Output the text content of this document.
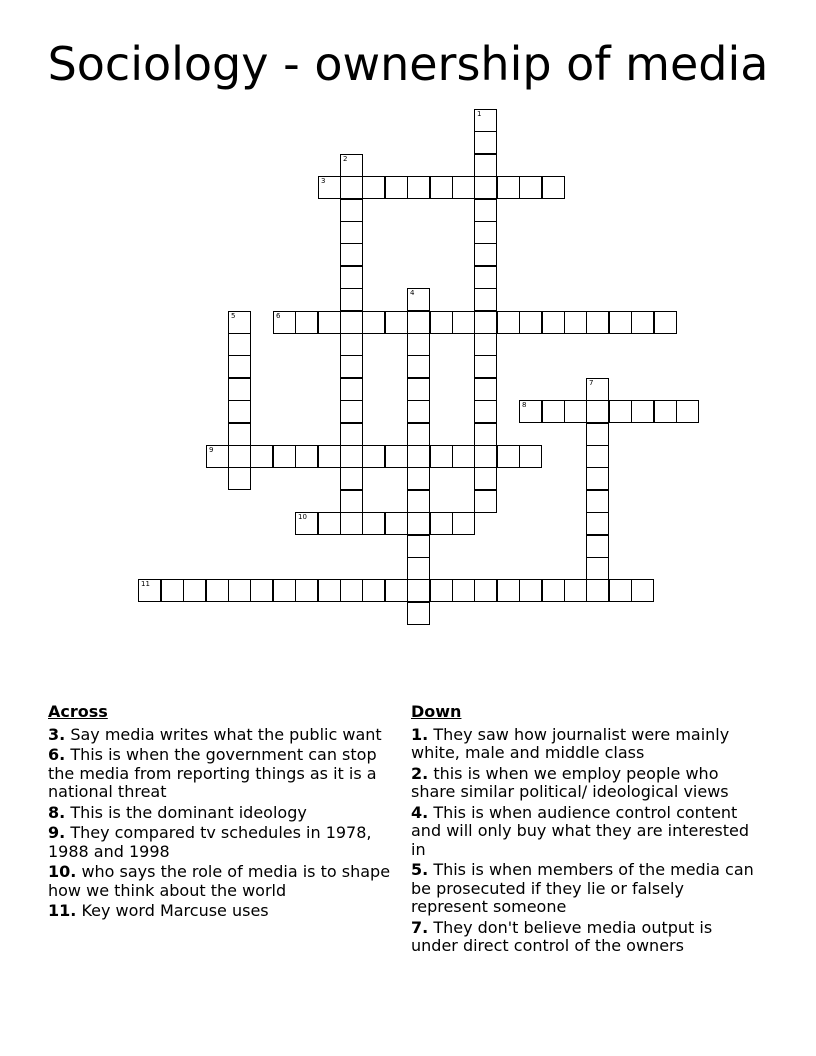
Sociology - ownership of media
1
2
3
4
5	6
7
8
9
10
11
Across
3. Say media writes what the public want
6. This is when the government can stop the media from reporting things as it is a national threat
8. This is the dominant ideology
9. They compared tv schedules in 1978, 1988 and 1998
10. who says the role of media is to shape how we think about the world
11. Key word Marcuse uses
Down
1. They saw how journalist were mainly white, male and middle class
2. this is when we employ people who share similar political/ ideological views
4. This is when audience control content and will only buy what they are interested in
5. This is when members of the media can be prosecuted if they lie or falsely represent someone
7. They don't believe media output is under direct control of the owners
